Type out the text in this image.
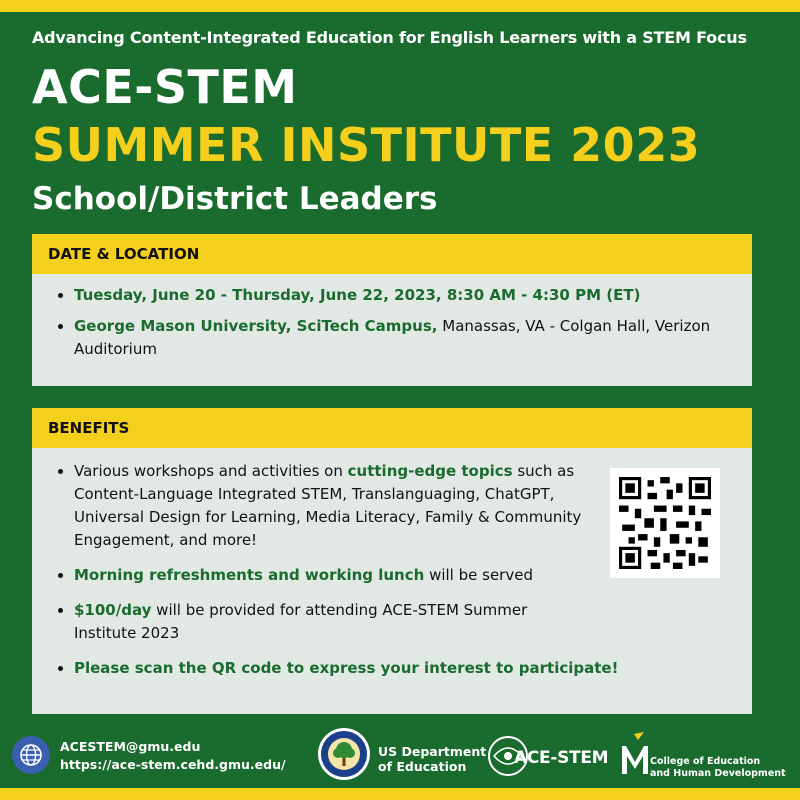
Advancing Content-Integrated Education for English Learners with a STEM Focus
ACE-STEM
SUMMER INSTITUTE 2023
School/District Leaders
DATE & LOCATION
• Tuesday, June 20 - Thursday, June 22, 2023, 8:30 AM - 4:30 PM (ET)
• George Mason University, SciTech Campus, Manassas, VA - Colgan Hall, Verizon Auditorium
BENEFITS
• Various workshops and activities on cutting-edge topics such as Content-Language Integrated STEM, Translanguaging, ChatGPT, Universal Design for Learning, Media Literacy, Family & Community Engagement, and more!
• Morning refreshments and working lunch will be served
• $100/day will be provided for attending ACE-STEM Summer Institute 2023
• Please scan the QR code to express your interest to participate!
ACESTEM@gmu.edu
https://ace-stem.cehd.gmu.edu/
US Department
of Education	ACE-STEM	College of Education
and Human Development
